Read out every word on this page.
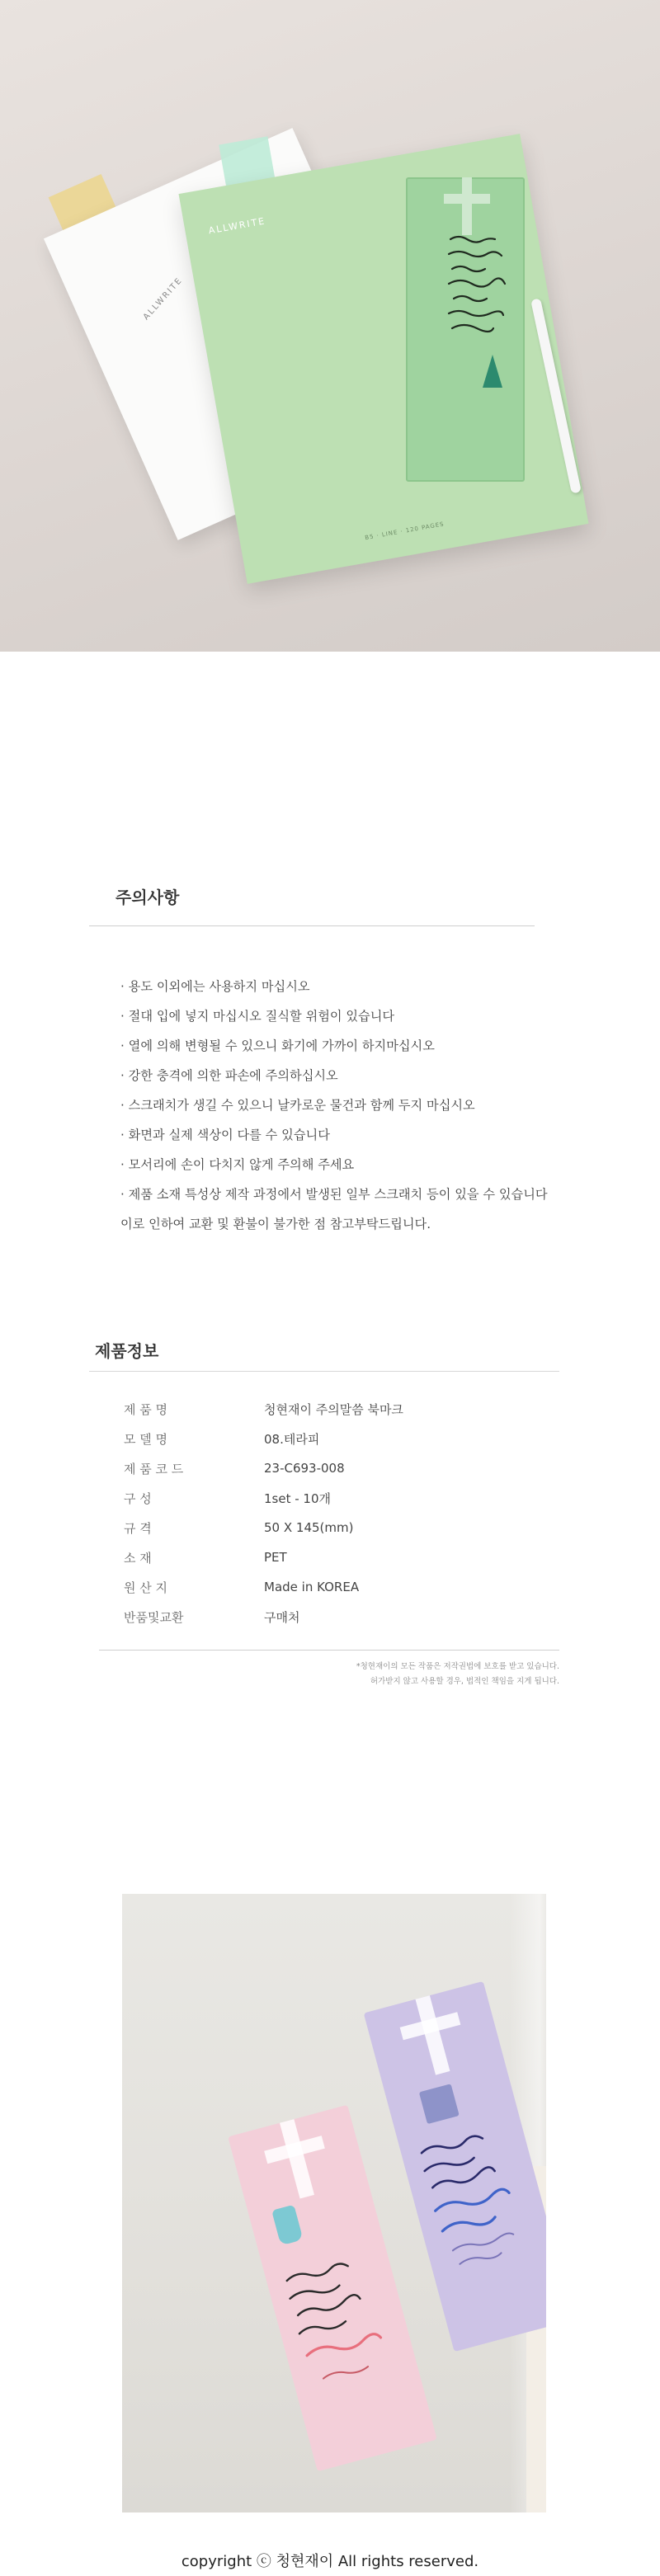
ALLWRITE
ALLWRITE
B5 · LINE · 120 PAGES
주의사항
· 용도 이외에는 사용하지 마십시오
· 절대 입에 넣지 마십시오 질식할 위험이 있습니다
· 열에 의해 변형될 수 있으니 화기에 가까이 하지마십시오
· 강한 충격에 의한 파손에 주의하십시오
· 스크래치가 생길 수 있으니 날카로운 물건과 함께 두지 마십시오
· 화면과 실제 색상이 다를 수 있습니다
· 모서리에 손이 다치지 않게 주의해 주세요
· 제품 소재 특성상 제작 과정에서 발생된 일부 스크래치 등이 있을 수 있습니다
이로 인하여 교환 및 환불이 불가한 점 참고부탁드립니다.
제품정보
제 품 명	청현재이 주의말씀 북마크
모 델 명	08.테라피
제 품 코 드	23-C693-008
구 성	1set - 10개
규 격	50 X 145(mm)
소 재	PET
원 산 지	Made in KOREA
반품및교환	구매처
*청현재이의 모든 작품은 저작권법에 보호를 받고 있습니다.
허가받지 않고 사용할 경우, 법적인 책임을 지게 됩니다.
copyright ⓒ 청현재이 All rights reserved.
